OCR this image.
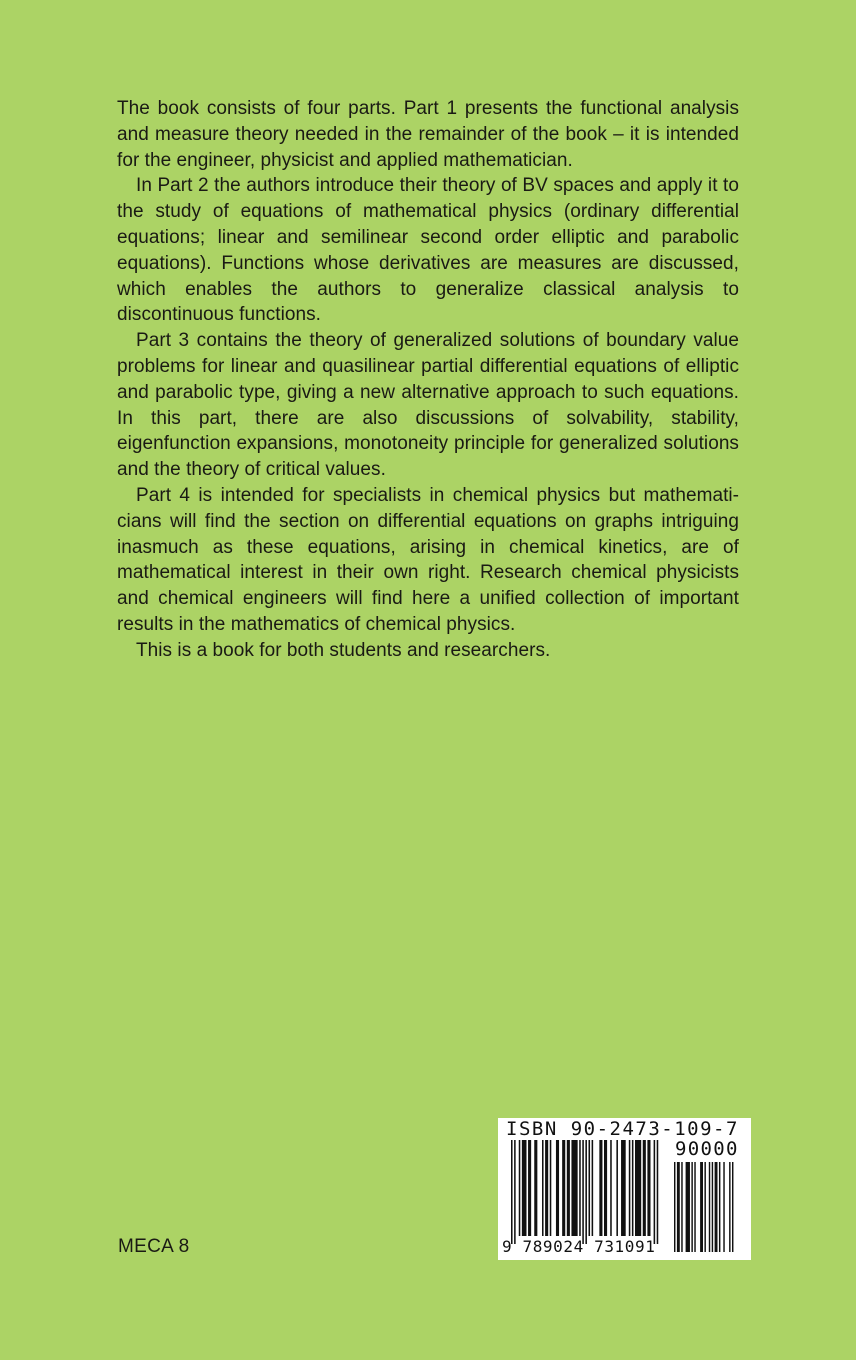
The book consists of four parts. Part 1 presents the functional analysis and measure theory needed in the remainder of the book – it is intended for the engineer, physicist and applied mathematician.

In Part 2 the authors introduce their theory of BV spaces and apply it to the study of equations of mathematical physics (ordinary differential equations; linear and semilinear second order elliptic and parabolic equations). Functions whose derivatives are measures are discussed, which enables the authors to generalize classical analysis to discontinuous functions.

Part 3 contains the theory of generalized solutions of boundary value problems for linear and quasilinear partial differential equations of elliptic and parabolic type, giving a new alternative approach to such equations. In this part, there are also discussions of solvability, stability, eigenfunction expansions, monotoneity principle for generalized solutions and the theory of critical values.

Part 4 is intended for specialists in chemical physics but mathematicians will find the section on differential equations on graphs intriguing inasmuch as these equations, arising in chemical kinetics, are of mathematical interest in their own right. Research chemical physicists and chemical engineers will find here a unified collection of important results in the mathematics of chemical physics.

This is a book for both students and researchers.

MECA 8
ISBN 90-2473-109-7
90000
9 789024 731091
